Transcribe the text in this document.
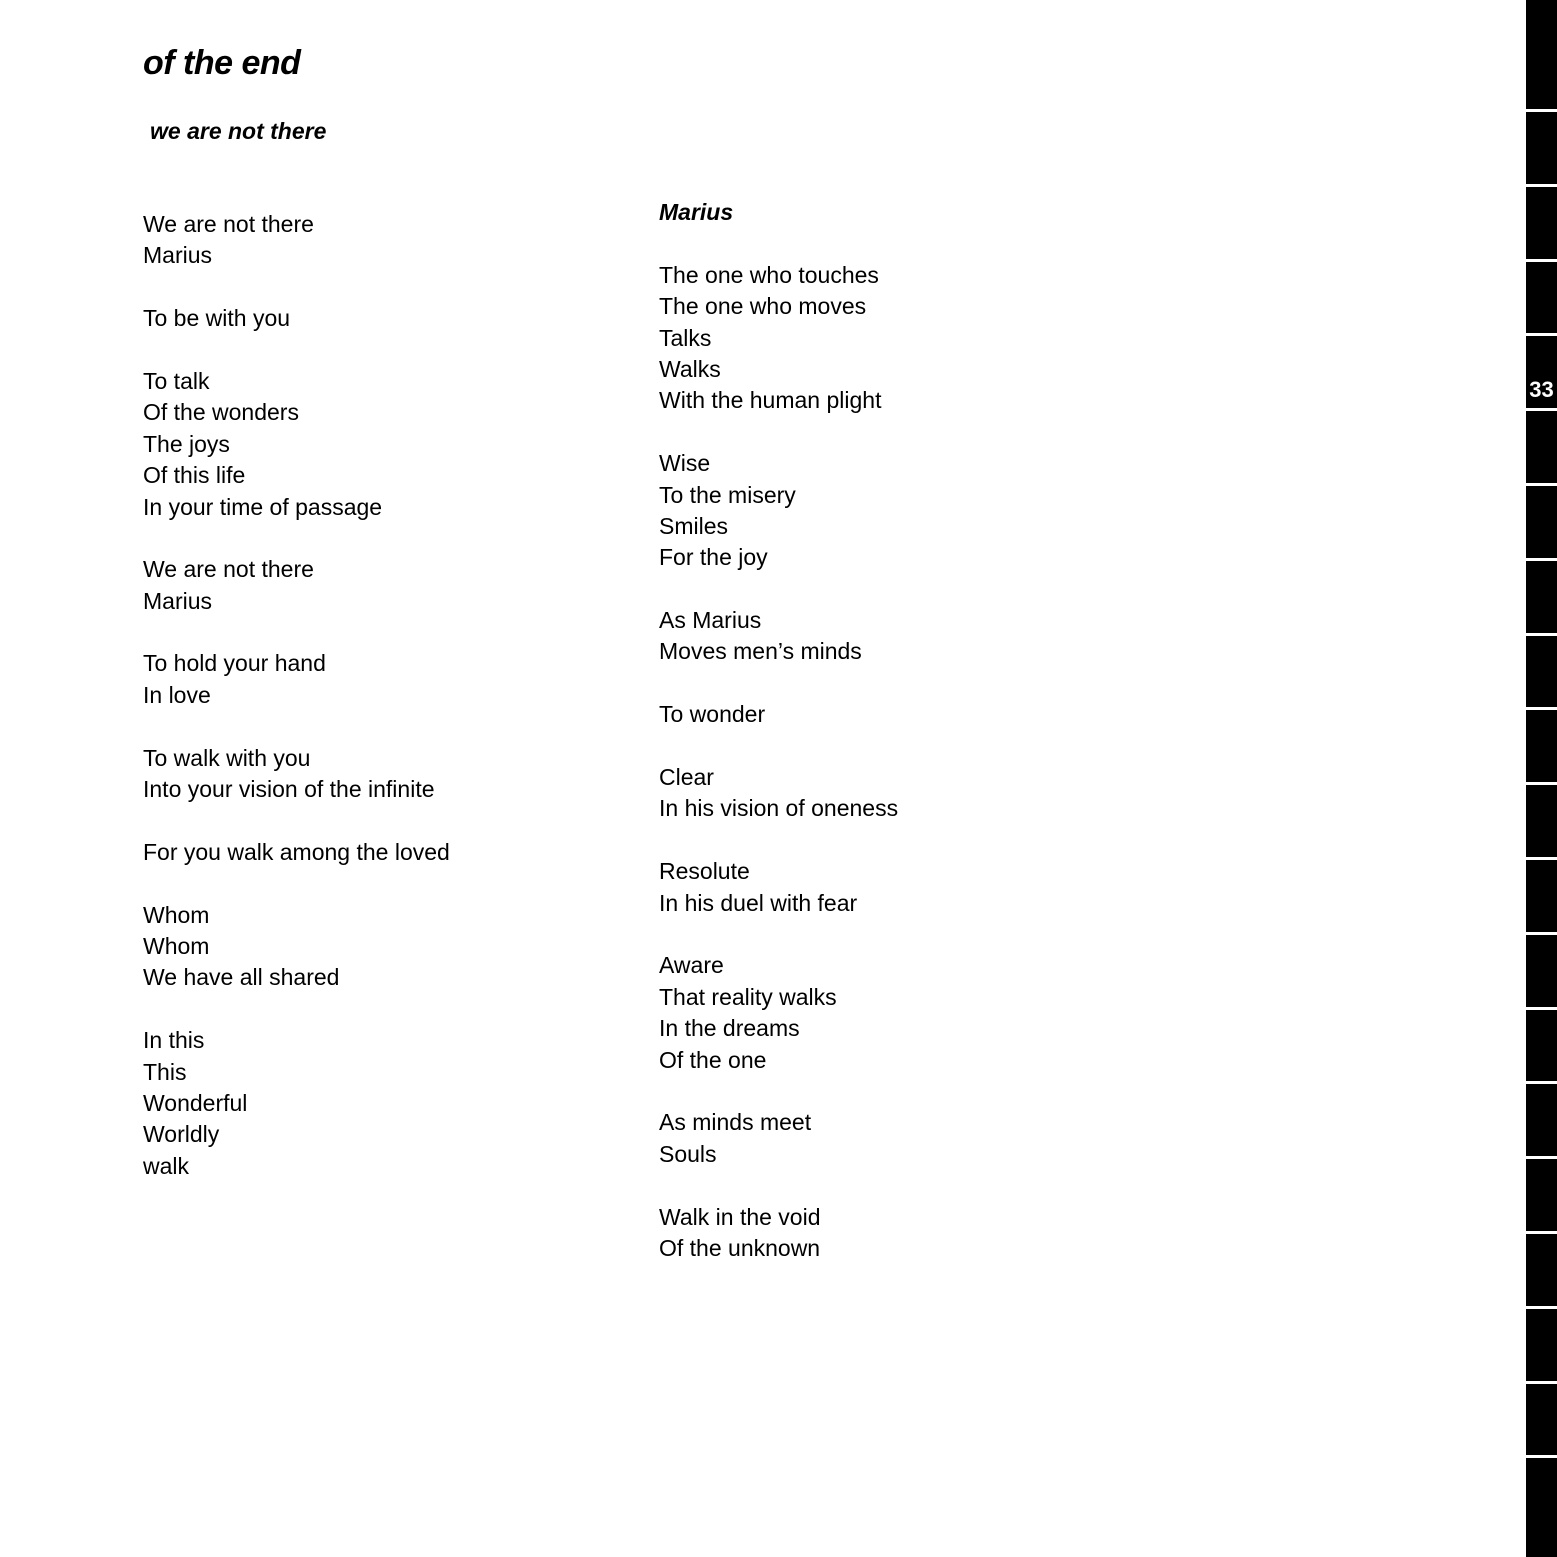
of the end
we are not there
We are not there
Marius
To be with you
To talk
Of the wonders
The joys
Of this life
In your time of passage
We are not there
Marius
To hold your hand
In love
To walk with you
Into your vision of the infinite
For you walk among the loved
Whom
Whom
We have all shared
In this
This
Wonderful
Worldly
walk
Marius
The one who touches
The one who moves
Talks
Walks
With the human plight
Wise
To the misery
Smiles
For the joy
As Marius
Moves men’s minds
To wonder
Clear
In his vision of oneness
Resolute
In his duel with fear
Aware
That reality walks
In the dreams
Of the one
As minds meet
Souls
Walk in the void
Of the unknown
33
